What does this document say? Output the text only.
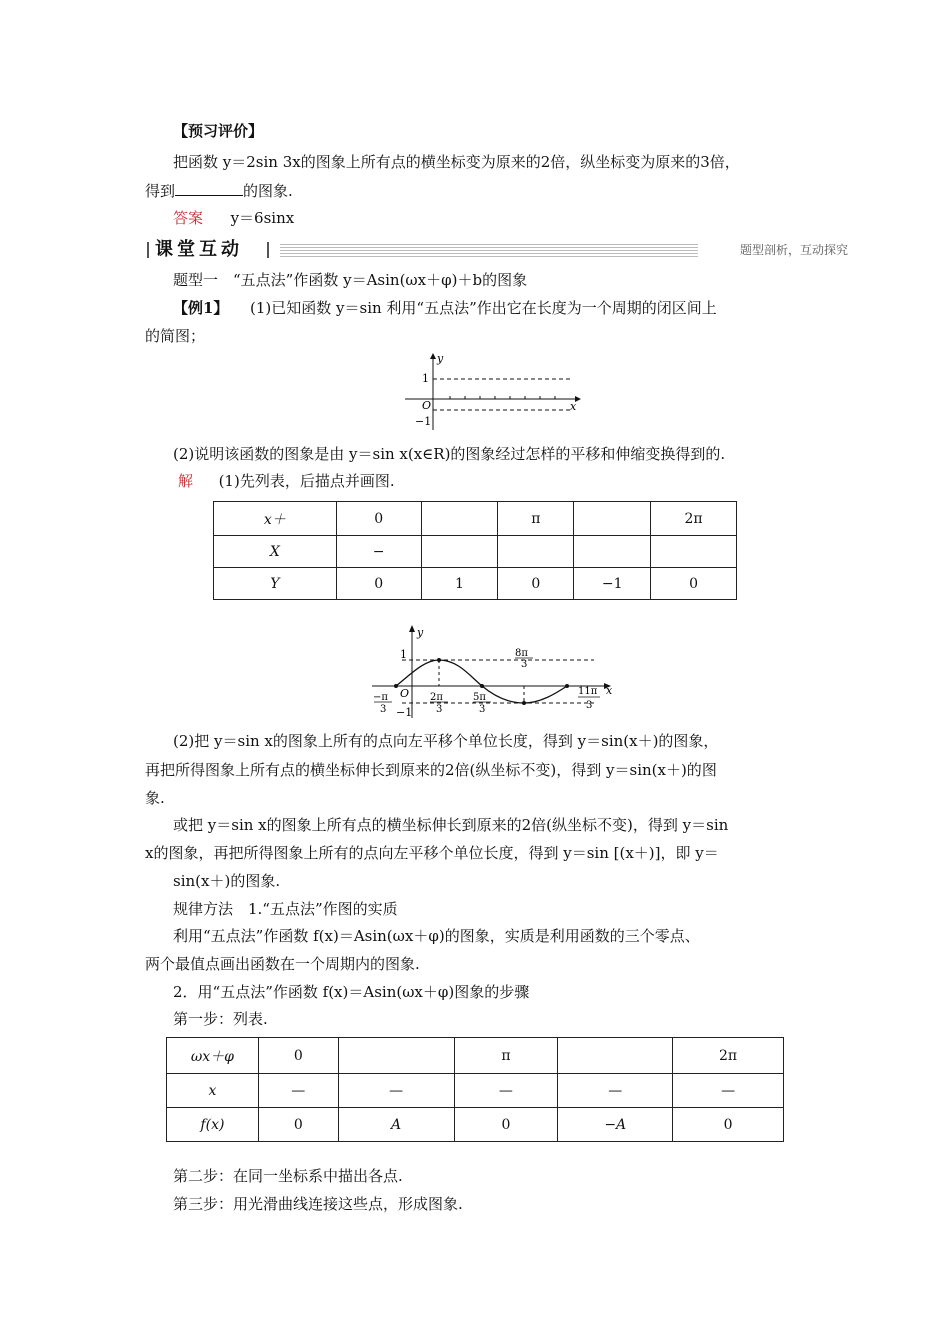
【预习评价】
把函数 y＝2sin 3x的图象上所有点的横坐标变为原来的2倍，纵坐标变为原来的3倍，
得到	的图象.
答案 y＝6sinx
课堂互动	题型剖析，互动探究
题型一　“五点法”作函数 y＝Asin(ωx＋φ)＋b的图象
【例1】 (1)已知函数 y＝sin 利用“五点法”作出它在长度为一个周期的闭区间上
的简图；
y
x
1
O
−1
(2)说明该函数的图象是由 y＝sin x(x∈R)的图象经过怎样的平移和伸缩变换得到的.
解 (1)先列表，后描点并画图.
x＋	0		π		2π
X	−				
Y	0	1	0	−1	0
y
x
1
O
−1
−π
3
2π
3
5π
3
8π
3
11π
3
(2)把 y＝sin x的图象上所有的点向左平移个单位长度，得到 y＝sin(x＋)的图象，
再把所得图象上所有点的横坐标伸长到原来的2倍(纵坐标不变)，得到 y＝sin(x＋)的图
象.
或把 y＝sin x的图象上所有点的横坐标伸长到原来的2倍(纵坐标不变)，得到 y＝sin
x的图象，再把所得图象上所有的点向左平移个单位长度，得到 y＝sin [(x＋)]，即 y＝
sin(x＋)的图象.
规律方法　1.“五点法”作图的实质
利用“五点法”作函数 f(x)＝Asin(ωx＋φ)的图象，实质是利用函数的三个零点、
两个最值点画出函数在一个周期内的图象.
2．用“五点法”作函数 f(x)＝Asin(ωx＋φ)图象的步骤
第一步：列表.
ωx＋φ	0		π		2π
x	—	—	—	—	—
f(x)	0	A	0	−A	0
第二步：在同一坐标系中描出各点.
第三步：用光滑曲线连接这些点，形成图象.
